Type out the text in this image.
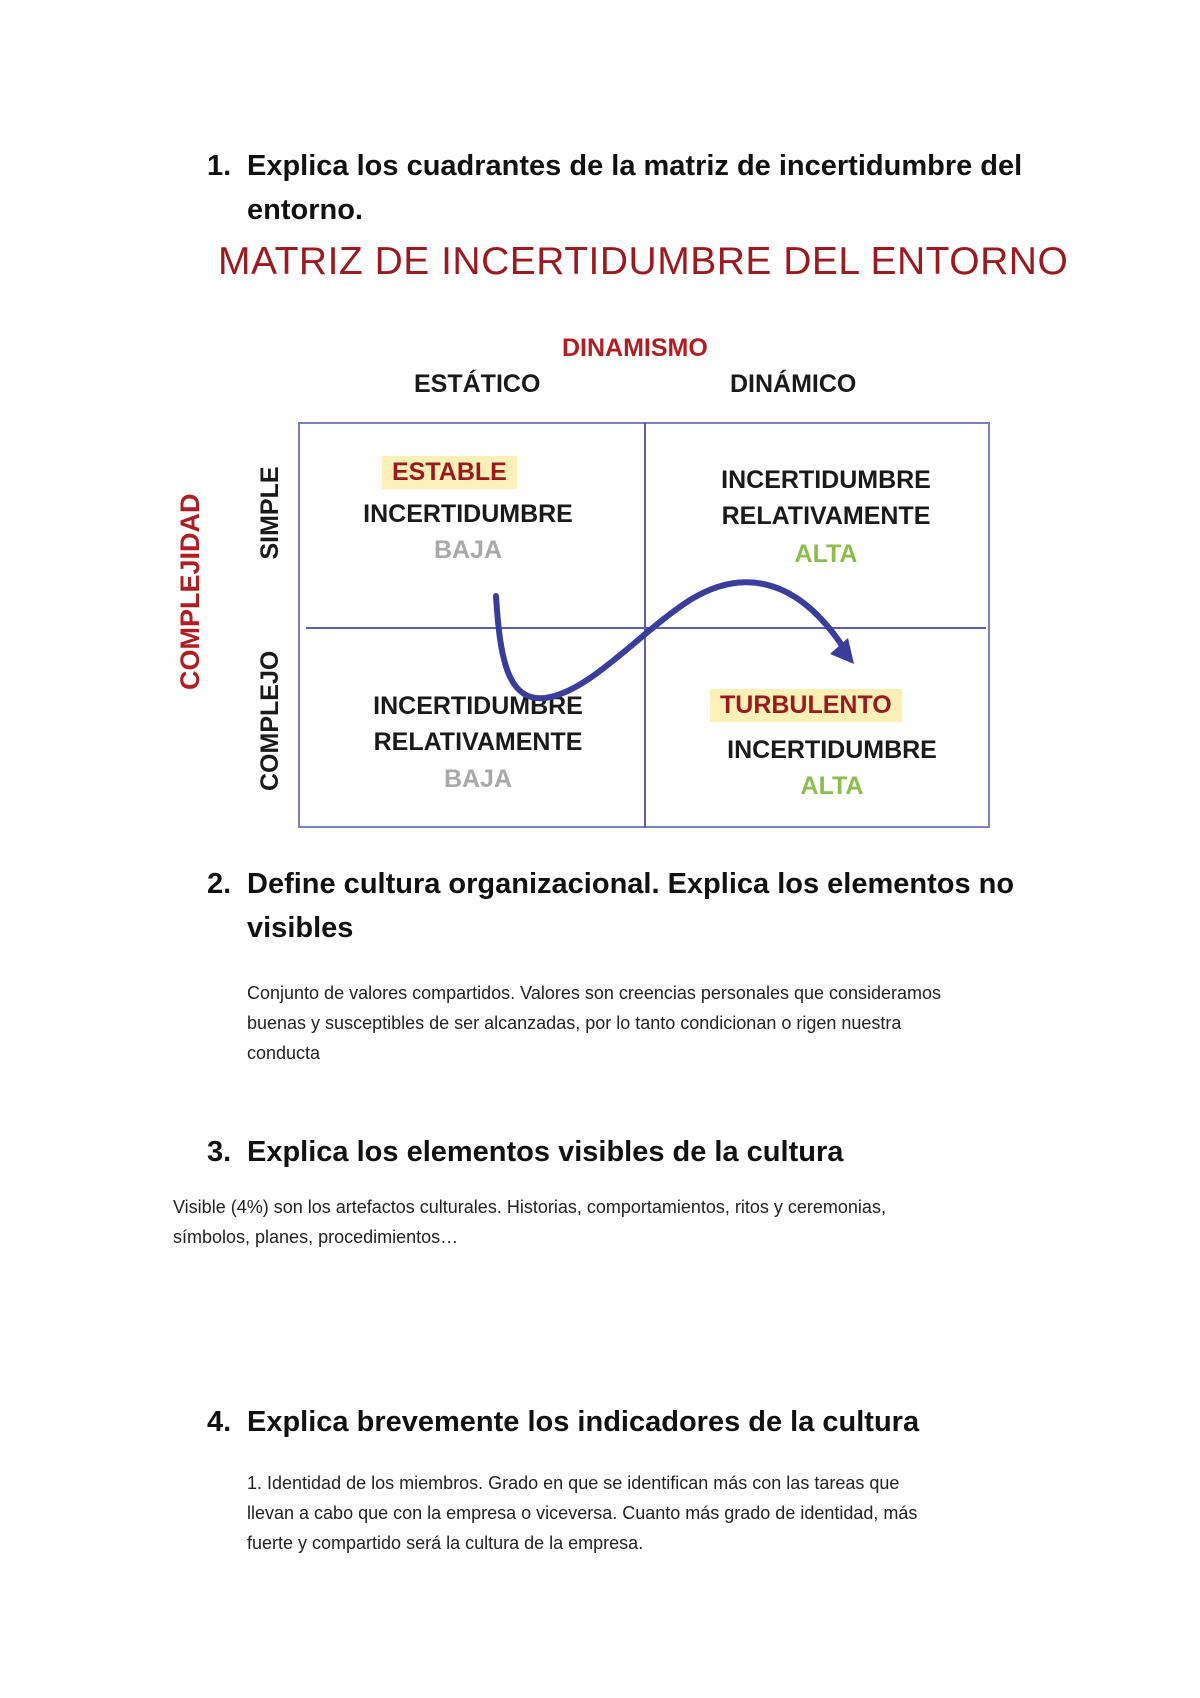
1. Explica los cuadrantes de la matriz de incertidumbre del
entorno.
MATRIZ DE INCERTIDUMBRE DEL ENTORNO
DINAMISMO
ESTÁTICO	DINÁMICO
COMPLEJIDAD SIMPLE
COMPLEJO
ESTABLE
INCERTIDUMBRE
BAJA
INCERTIDUMBRE
RELATIVAMENTE
ALTA
INCERTIDUMBRE
RELATIVAMENTE
BAJA
TURBULENTO
INCERTIDUMBRE
ALTA
2. Define cultura organizacional. Explica los elementos no
visibles
Conjunto de valores compartidos. Valores son creencias personales que consideramos
buenas y susceptibles de ser alcanzadas, por lo tanto condicionan o rigen nuestra
conducta
3. Explica los elementos visibles de la cultura
Visible (4%) son los artefactos culturales. Historias, comportamientos, ritos y ceremonias,
símbolos, planes, procedimientos…
4. Explica brevemente los indicadores de la cultura
1. Identidad de los miembros. Grado en que se identifican más con las tareas que
llevan a cabo que con la empresa o viceversa. Cuanto más grado de identidad, más
fuerte y compartido será la cultura de la empresa.
